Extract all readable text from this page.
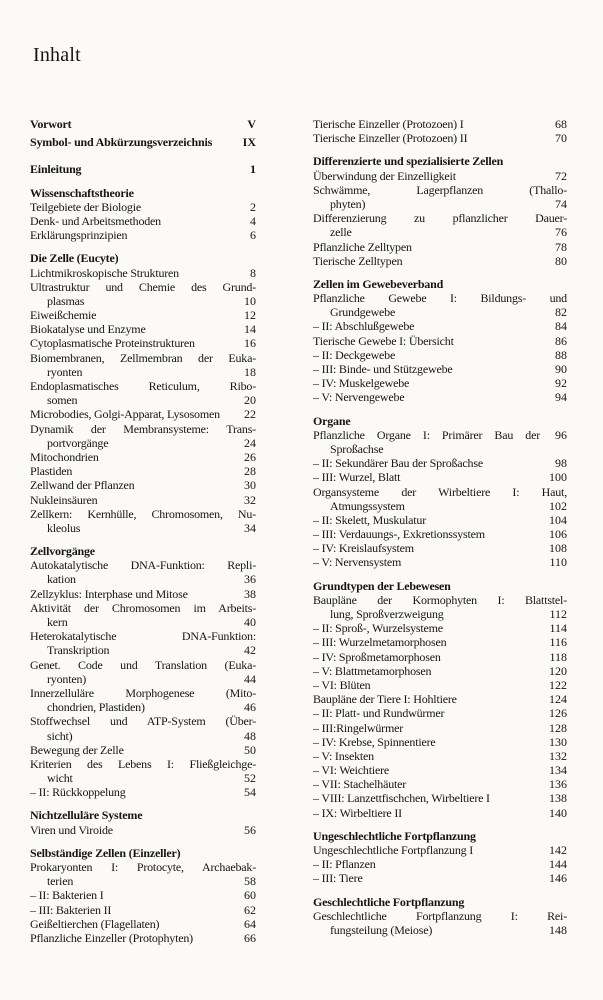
Inhalt
Vorwort	V
Symbol- und Abkürzungsverzeichnis	IX
Einleitung	1
Wissenschaftstheorie
Teilgebiete der Biologie	2
Denk- und Arbeitsmethoden	4
Erklärungsprinzipien	6
Die Zelle (Eucyte)
Lichtmikroskopische Strukturen	8
Ultrastruktur und Chemie des Grund-
plasmas	10
Eiweißchemie	12
Biokatalyse und Enzyme	14
Cytoplasmatische Proteinstrukturen	16
Biomembranen, Zellmembran der Euka-
ryonten	18
Endoplasmatisches Reticulum, Ribo-
somen	20
Microbodies, Golgi-Apparat, Lysosomen	22
Dynamik der Membransysteme: Trans-
portvorgänge	24
Mitochondrien	26
Plastiden	28
Zellwand der Pflanzen	30
Nukleinsäuren	32
Zellkern: Kernhülle, Chromosomen, Nu-
kleolus	34
Zellvorgänge
Autokatalytische DNA-Funktion: Repli-
kation	36
Zellzyklus: Interphase und Mitose	38
Aktivität der Chromosomen im Arbeits-
kern	40
Heterokatalytische DNA-Funktion:
Transkription	42
Genet. Code und Translation (Euka-
ryonten)	44
Innerzelluläre Morphogenese (Mito-
chondrien, Plastiden)	46
Stoffwechsel und ATP-System (Über-
sicht)	48
Bewegung der Zelle	50
Kriterien des Lebens I: Fließgleichge-
wicht	52
– II: Rückkoppelung	54
Nichtzelluläre Systeme
Viren und Viroide	56
Selbständige Zellen (Einzeller)
Prokaryonten I: Protocyte, Archaebak-
terien	58
– II: Bakterien I	60
– III: Bakterien II	62
Geißeltierchen (Flagellaten)	64
Pflanzliche Einzeller (Protophyten)	66
Tierische Einzeller (Protozoen) I	68
Tierische Einzeller (Protozoen) II	70
Differenzierte und spezialisierte Zellen
Überwindung der Einzelligkeit	72
Schwämme, Lagerpflanzen (Thallo-
phyten)	74
Differenzierung zu pflanzlicher Dauer-
zelle	76
Pflanzliche Zelltypen	78
Tierische Zelltypen	80
Zellen im Gewebeverband
Pflanzliche Gewebe I: Bildungs- und
Grundgewebe	82
– II: Abschlußgewebe	84
Tierische Gewebe I: Übersicht	86
– II: Deckgewebe	88
– III: Binde- und Stützgewebe	90
– IV: Muskelgewebe	92
– V: Nervengewebe	94
Organe
Pflanzliche Organe I: Primärer Bau der	96
Sproßachse
– II: Sekundärer Bau der Sproßachse	98
– III: Wurzel, Blatt	100
Organsysteme der Wirbeltiere I: Haut,
Atmungssystem	102
– II: Skelett, Muskulatur	104
– III: Verdauungs-, Exkretionssystem	106
– IV: Kreislaufsystem	108
– V: Nervensystem	110
Grundtypen der Lebewesen
Baupläne der Kormophyten I: Blattstel-
lung, Sproßverzweigung	112
– II: Sproß-, Wurzelsysteme	114
– III: Wurzelmetamorphosen	116
– IV: Sproßmetamorphosen	118
– V: Blattmetamorphosen	120
– VI: Blüten	122
Baupläne der Tiere I: Hohltiere	124
– II: Platt- und Rundwürmer	126
– III:Ringelwürmer	128
– IV: Krebse, Spinnentiere	130
– V: Insekten	132
– VI: Weichtiere	134
– VII: Stachelhäuter	136
– VIII: Lanzettfischchen, Wirbeltiere I	138
– IX: Wirbeltiere II	140
Ungeschlechtliche Fortpflanzung
Ungeschlechtliche Fortpflanzung I	142
– II: Pflanzen	144
– III: Tiere	146
Geschlechtliche Fortpflanzung
Geschlechtliche Fortpflanzung I: Rei-
fungsteilung (Meiose)	148
